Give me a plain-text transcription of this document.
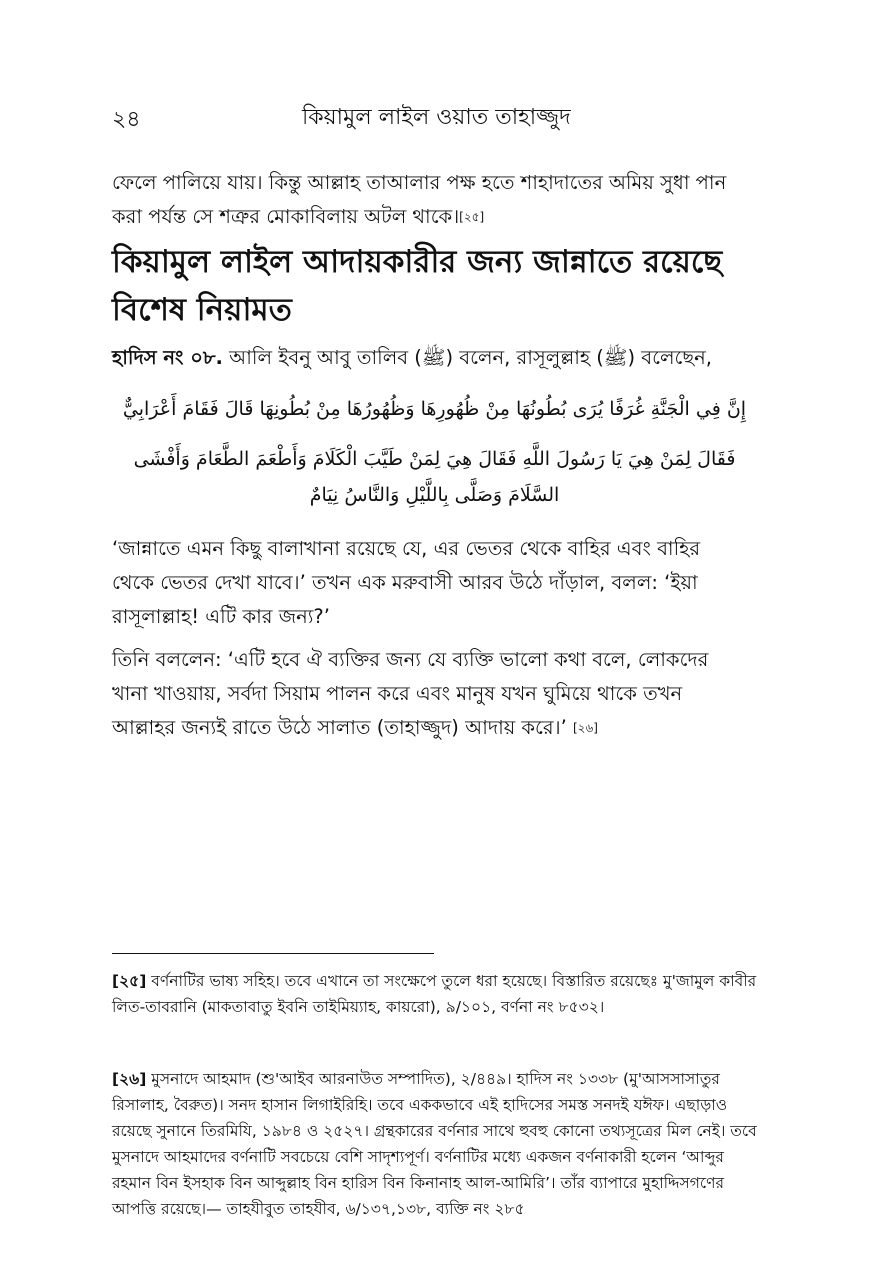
২৪	কিয়ামুল লাইল ওয়াত তাহাজ্জুদ

ফেলে পালিয়ে যায়। কিন্তু আল্লাহ তাআলার পক্ষ হতে শাহাদাতের অমিয় সুধা পান করা পর্যন্ত সে শত্রুর মোকাবিলায় অটল থাকে।[২৫]

কিয়ামুল লাইল আদায়কারীর জন্য জান্নাতে রয়েছে বিশেষ নিয়ামত

হাদিস নং ০৮. আলি ইবনু আবু তালিব (ﷺ) বলেন, রাসূলুল্লাহ (ﷺ) বলেছেন,

إِنَّ فِي الْجَنَّةِ غُرَفًا يُرَى بُطُونُهَا مِنْ ظُهُورِهَا وَظُهُورُهَا مِنْ بُطُونِهَا قَالَ فَقَامَ أَعْرَابِيٌّ
فَقَالَ لِمَنْ هِيَ يَا رَسُولَ اللَّهِ فَقَالَ هِيَ لِمَنْ طَيَّبَ الْكَلَامَ وَأَطْعَمَ الطَّعَامَ وَأَفْشَى
السَّلَامَ وَصَلَّى بِاللَّيْلِ وَالنَّاسُ نِيَامٌ

‘জান্নাতে এমন কিছু বালাখানা রয়েছে যে, এর ভেতর থেকে বাহির এবং বাহির থেকে ভেতর দেখা যাবে।’ তখন এক মরুবাসী আরব উঠে দাঁড়াল, বলল: ‘ইয়া রাসূলাল্লাহ! এটি কার জন্য?’

তিনি বললেন: ‘এটি হবে ঐ ব্যক্তির জন্য যে ব্যক্তি ভালো কথা বলে, লোকদের খানা খাওয়ায়, সর্বদা সিয়াম পালন করে এবং মানুষ যখন ঘুমিয়ে থাকে তখন আল্লাহর জন্যই রাতে উঠে সালাত (তাহাজ্জুদ) আদায় করে।’ [২৬]

[২৫] বর্ণনাটির ভাষ্য সহিহ। তবে এখানে তা সংক্ষেপে তুলে ধরা হয়েছে। বিস্তারিত রয়েছেঃ মু'জামুল কাবীর লিত-তাবরানি (মাকতাবাতু ইবনি তাইমিয়্যাহ, কায়রো), ৯/১০১, বর্ণনা নং ৮৫৩২।

[২৬] মুসনাদে আহমাদ (শু'আইব আরনাউত সম্পাদিত), ২/৪৪৯। হাদিস নং ১৩৩৮ (মু'আসসাসাতুর রিসালাহ, বৈরুত)। সনদ হাসান লিগাইরিহি। তবে এককভাবে এই হাদিসের সমস্ত সনদই যঈফ। এছাড়াও রয়েছে সুনানে তিরমিযি, ১৯৮৪ ও ২৫২৭। গ্রন্থকারের বর্ণনার সাথে হুবহু কোনো তথ্যসূত্রের মিল নেই। তবে মুসনাদে আহমাদের বর্ণনাটি সবচেয়ে বেশি সাদৃশ্যপূর্ণ। বর্ণনাটির মধ্যে একজন বর্ণনাকারী হলেন ‘আব্দুর রহমান বিন ইসহাক বিন আব্দুল্লাহ বিন হারিস বিন কিনানাহ আল-আমিরি’। তাঁর ব্যাপারে মুহাদ্দিসগণের আপত্তি রয়েছে।— তাহযীবুত তাহযীব, ৬/১৩৭,১৩৮, ব্যক্তি নং ২৮৫
